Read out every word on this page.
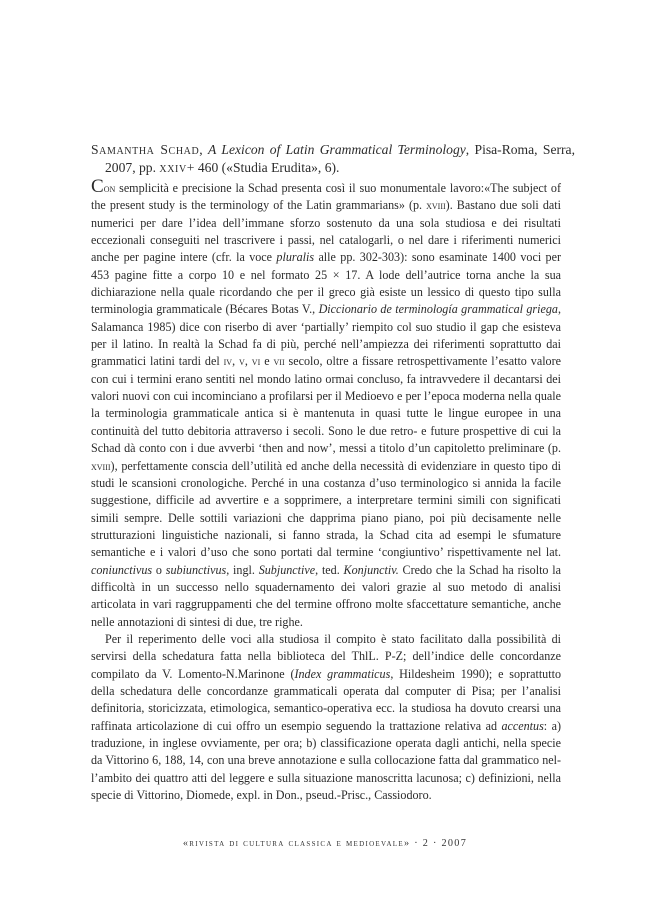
Samantha Schad, A Lexicon of Latin Grammatical Terminology, Pisa-Roma, Serra, 2007, pp. xxiv+ 460 («Studia Erudita», 6).

Con semplicità e precisione la Schad presenta così il suo monumentale lavoro:«The subject of the present study is the terminology of the Latin grammarians» (p. xviii). Bastano due soli dati numerici per dare l’idea dell’immane sforzo sostenuto da una sola studiosa e dei risultati eccezionali conseguiti nel trascrivere i passi, nel catalogarli, o nel dare i riferimenti numerici anche per pagine intere (cfr. la voce pluralis alle pp. 302-303): sono esaminate 1400 voci per 453 pagine fitte a corpo 10 e nel formato 25 × 17. A lode dell’autrice torna anche la sua dichiarazione nella quale ricordando che per il greco già esiste un lessico di questo tipo sulla terminologia grammaticale (Bécares Botas V., Diccionario de terminología grammatical griega, Salamanca 1985) dice con riserbo di aver ‘partially’ riempito col suo studio il gap che esisteva per il latino. In realtà la Schad fa di più, perché nell’ampiezza dei riferimenti soprattutto dai grammatici latini tardi del iv, v, vi e vii secolo, oltre a fissare retrospettivamente l’esatto valore con cui i termini erano sentiti nel mondo latino ormai concluso, fa intravvedere il decantarsi dei valori nuovi con cui incominciano a profilarsi per il Medioevo e per l’epoca moderna nella quale la terminologia grammaticale antica si è mantenuta in quasi tutte le lingue europee in una continuità del tutto debitoria attraverso i secoli. Sono le due retro- e future prospettive di cui la Schad dà conto con i due avverbi ‘then and now’, messi a titolo d’un capitoletto preliminare (p. xviii), perfettamente conscia dell’utilità ed anche della necessità di evidenziare in questo tipo di studi le scansioni cronologiche. Perché in una costanza d’uso terminologico si annida la facile suggestione, difficile ad avvertire e a sopprimere, a interpretare termini simili con significati simili sempre. Delle sottili variazioni che dapprima piano piano, poi più decisamente nelle strutturazioni linguistiche nazionali, si fanno strada, la Schad cita ad esempi le sfumature semantiche e i valori d’uso che sono portati dal termine ‘congiuntivo’ rispettivamente nel lat. coniunctivus o subiunctivus, ingl. Subjunctive, ted. Konjunctiv. Credo che la Schad ha risolto la difficoltà in un successo nello squadernamento dei valori grazie al suo metodo di analisi articolata in vari raggruppamenti che del termine offrono molte sfaccettature semantiche, anche nelle annotazioni di sintesi di due, tre righe.

Per il reperimento delle voci alla studiosa il compito è stato facilitato dalla possibilità di servirsi della schedatura fatta nella biblioteca del ThlL. P-Z; dell’indice delle concordanze compilato da V. Lomento-N.Marinone (Index grammaticus, Hildesheim 1990); e soprattutto della schedatura delle concordanze grammaticali operata dal computer di Pisa; per l’analisi definitoria, storicizzata, etimologica, semantico-operativa ecc. la studiosa ha dovuto crearsi una raffinata articolazione di cui offro un esempio seguendo la trattazione relativa ad accentus: a) traduzione, in inglese ovviamente, per ora; b) classificazione operata dagli antichi, nella specie da Vittorino 6, 188, 14, con una breve annotazione e sulla collocazione fatta dal grammatico nell’ambito dei quattro atti del leggere e sulla situazione manoscritta lacunosa; c) definizioni, nella specie di Vittorino, Diomede, expl. in Don., pseud.-Prisc., Cassiodoro.

«rivista di cultura classica e medioevale» · 2 · 2007
